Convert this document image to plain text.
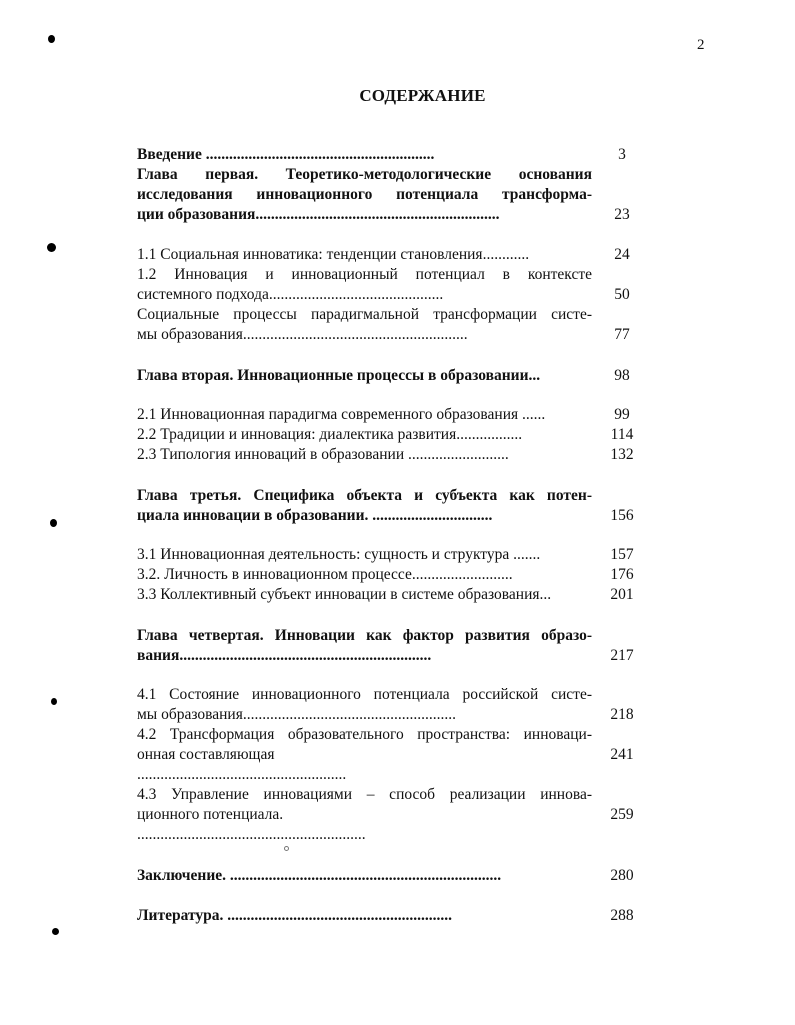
2
СОДЕРЖАНИЕ
Введение ...........................................................	3
Глава первая. Теоретико-методологические основания
исследования инновационного потенциала трансформа-
ции образования...............................................................	23
1.1 Социальная инноватика: тенденции становления............	24
1.2 Инновация и инновационный потенциал в контексте
системного подхода.............................................	50
Социальные процессы парадигмальной трансформации систе-
мы образования..........................................................	77
Глава вторая. Инновационные процессы в образовании...	98
2.1 Инновационная парадигма современного образования ......	99
2.2 Традиции и инновация: диалектика развития.................	114
2.3 Типология инноваций в образовании ..........................	132
Глава третья. Специфика объекта и субъекта как потен-
циала инновации в образовании. ...............................	156
3.1 Инновационная деятельность: сущность и структура .......	157
3.2. Личность в инновационном процессе..........................	176
3.3 Коллективный субъект инновации в системе образования...	201
Глава четвертая. Инновации как фактор развития образо-
вания.................................................................	217
4.1 Состояние инновационного потенциала российской систе-
мы образования.......................................................	218
4.2 Трансформация образовательного пространства: инноваци-
онная составляющая	241
......................................................
4.3 Управление инновациями – способ реализации иннова-
ционного потенциала.	259
...........................................................
Заключение. ......................................................................	280
Литература. ..........................................................	288
